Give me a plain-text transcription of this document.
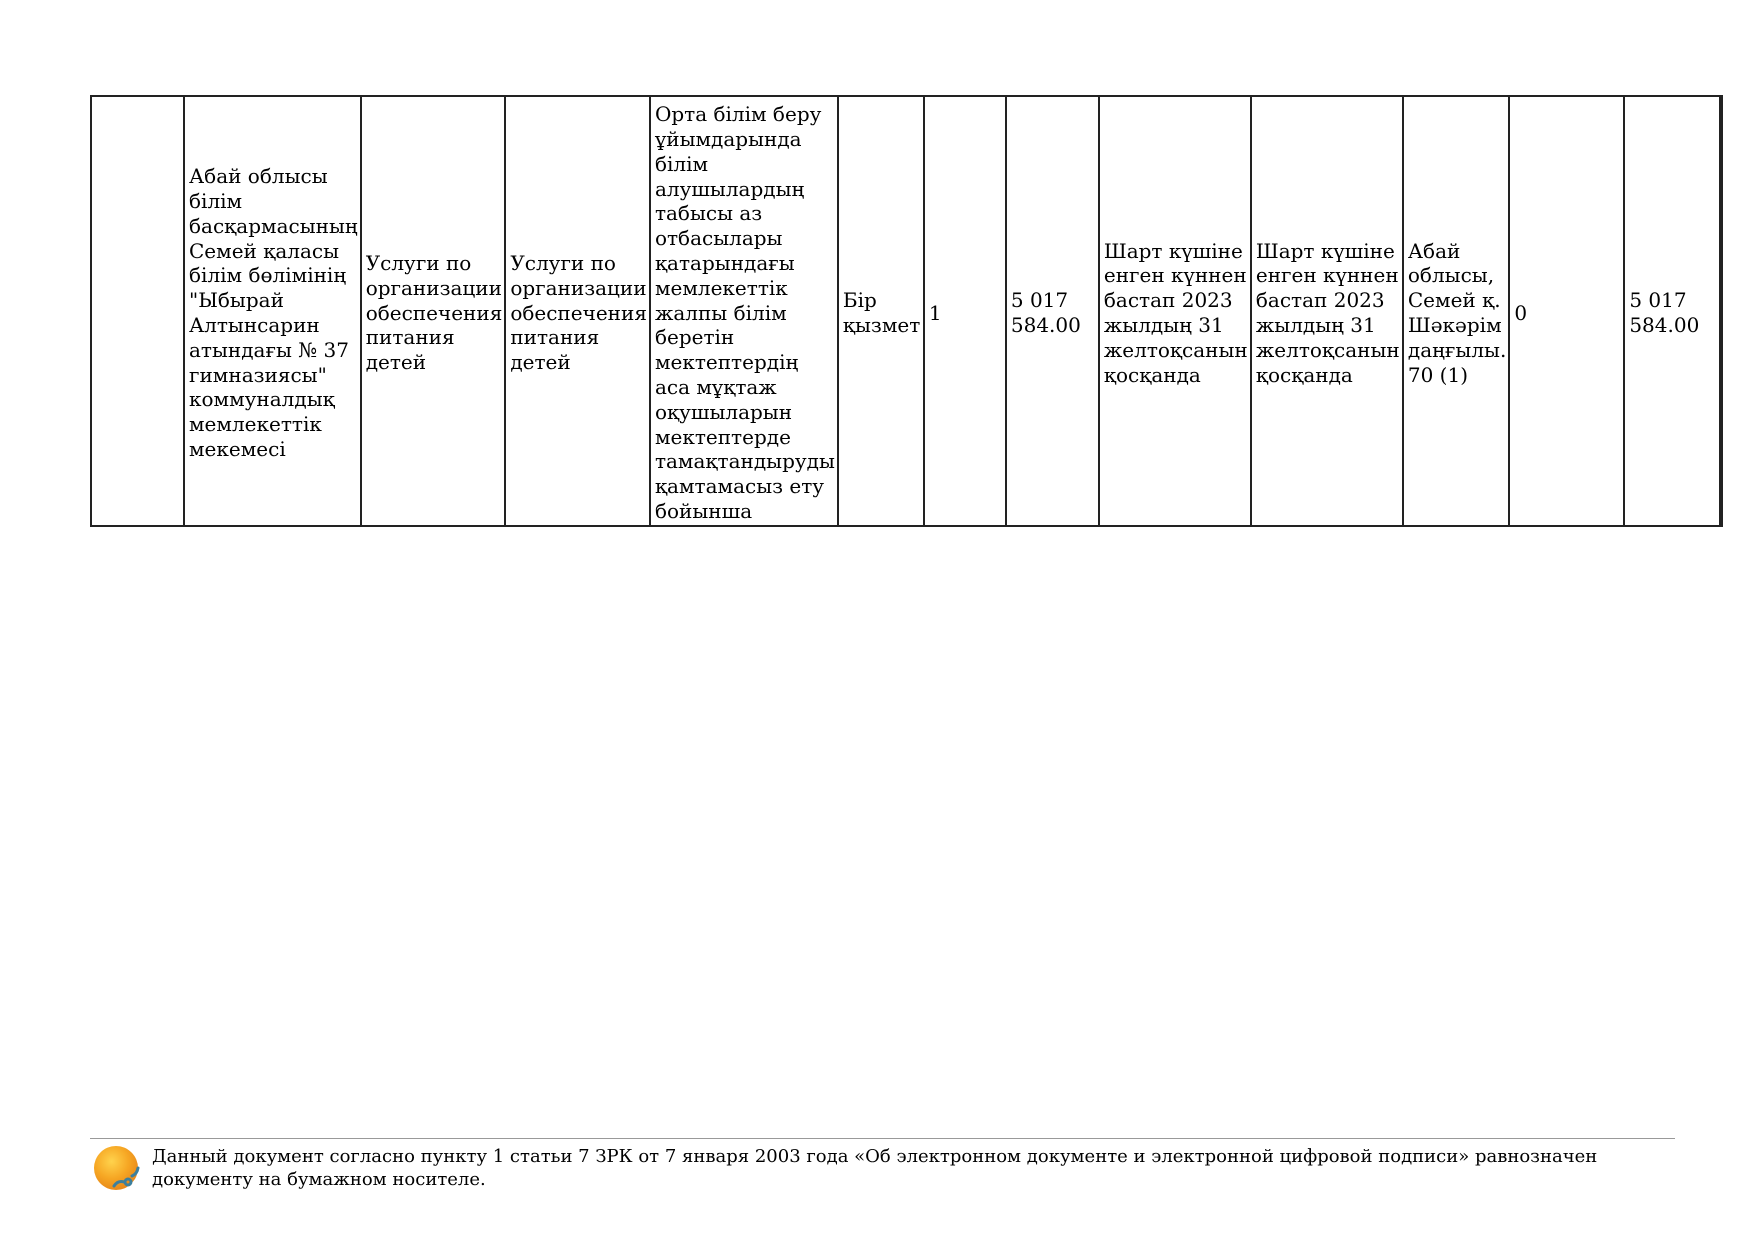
	Абай облысы білім басқармасының Семей қаласы білім бөлімінің "Ыбырай Алтынсарин атындағы № 37 гимназиясы" коммуналдық мемлекеттік мекемесі	Услуги по организации обеспечения питания детей	Услуги по организации обеспечения питания детей	Орта білім беру ұйымдарында білім алушылардың табысы аз отбасылары қатарындағы мемлекеттік жалпы білім беретін мектептердің аса мұқтаж оқушыларын мектептерде тамақтандыруды қамтамасыз ету бойынша	Бір қызмет	1	5 017 584.00	Шарт күшіне енген күннен бастап 2023 жылдың 31 желтоқсанын қосқанда	Шарт күшіне енген күннен бастап 2023 жылдың 31 желтоқсанын қосқанда	Абай облысы, Семей қ. Шәкәрім даңғылы. 70 (1)	0	5 017 584.00
Данный документ согласно пункту 1 статьи 7 ЗРК от 7 января 2003 года «Об электронном документе и электронной цифровой подписи» равнозначен документу на бумажном носителе.
